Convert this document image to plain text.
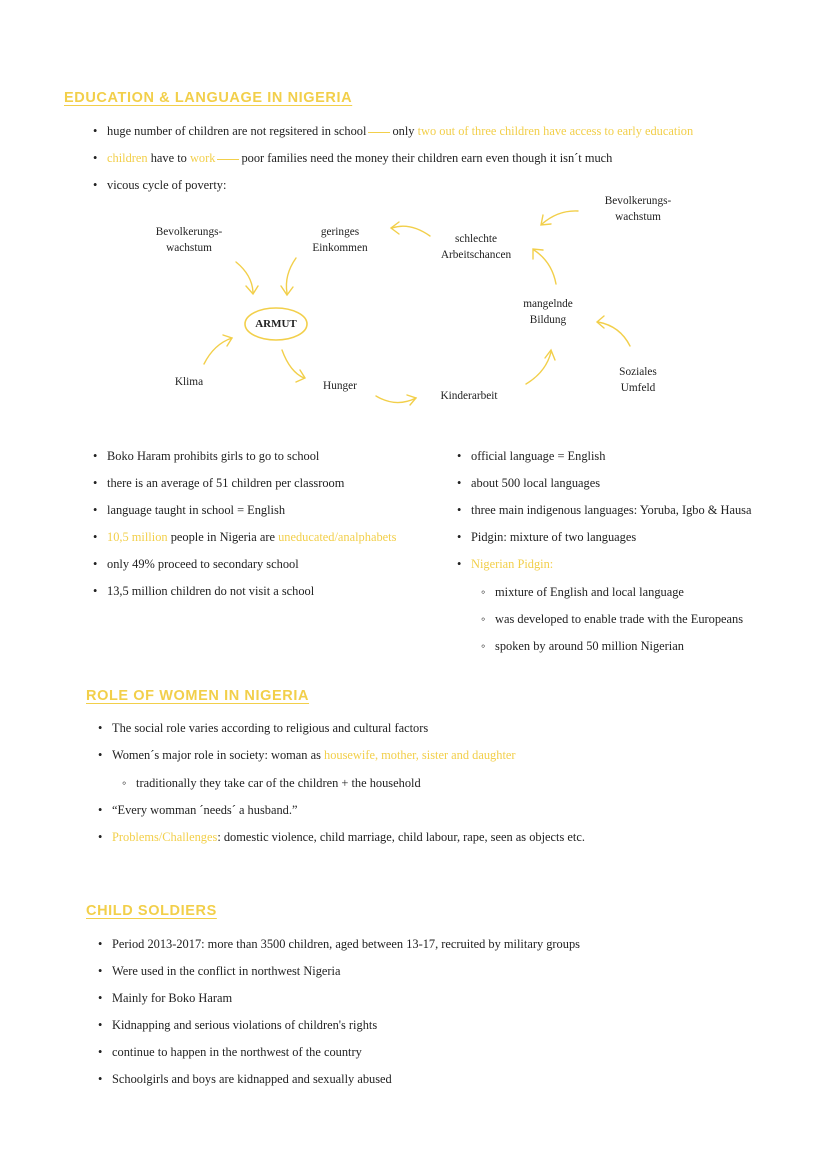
EDUCATION & LANGUAGE IN NIGERIA
• huge number of children are not regsitered in school only two out of three children have access to early education
• children have to work poor families need the money their children earn even though it isn´t much
• vicous cycle of poverty:
ARMUT
Bevolkerungs-
wachstum
geringes
Einkommen
schlechte
Arbeitschancen
Bevolkerungs-
wachstum
mangelnde
Bildung
Soziales
Umfeld
Klima	Hunger
Kinderarbeit
• Boko Haram prohibits girls to go to school
• there is an average of 51 children per classroom
• language taught in school = English
• 10,5 million people in Nigeria are uneducated/analphabets
• only 49% proceed to secondary school
• 13,5 million children do not visit a school
• official language = English
• about 500 local languages
• three main indigenous languages: Yoruba, Igbo & Hausa
• Pidgin: mixture of two languages
• Nigerian Pidgin:
◦ mixture of English and local language
◦ was developed to enable trade with the Europeans
◦ spoken by around 50 million Nigerian
ROLE OF WOMEN IN NIGERIA
• The social role varies according to religious and cultural factors
• Women´s major role in society: woman as housewife, mother, sister and daughter
◦ traditionally they take car of the children + the household
• “Every womman ´needs´ a husband.”
• Problems/Challenges: domestic violence, child marriage, child labour, rape, seen as objects etc.
CHILD SOLDIERS
• Period 2013-2017: more than 3500 children, aged between 13-17, recruited by military groups
• Were used in the conflict in northwest Nigeria
• Mainly for Boko Haram
• Kidnapping and serious violations of children's rights
• continue to happen in the northwest of the country
• Schoolgirls and boys are kidnapped and sexually abused
